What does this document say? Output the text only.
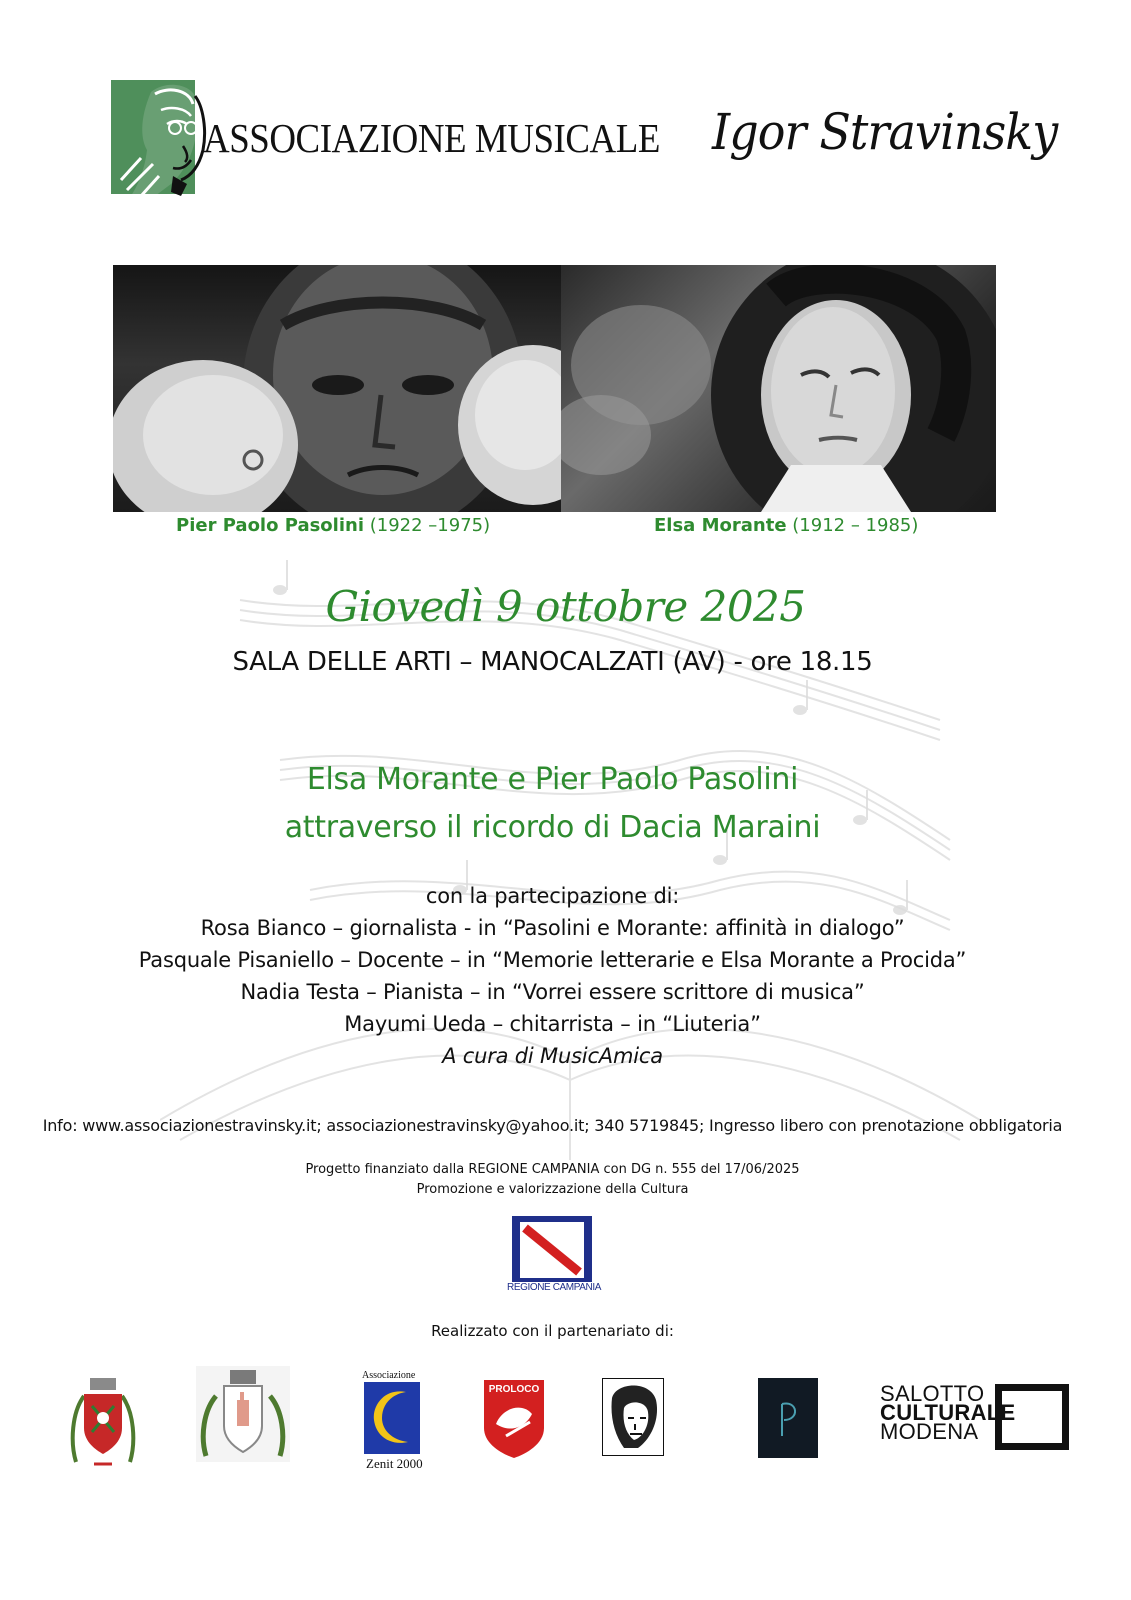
ASSOCIAZIONE MUSICALE Igor Stravinsky
Pier Paolo Pasolini (1922 –1975)	Elsa Morante (1912 – 1985)
Giovedì 9 ottobre 2025
SALA DELLE ARTI – MANOCALZATI (AV) - ore 18.15
Elsa Morante e Pier Paolo Pasolini
attraverso il ricordo di Dacia Maraini
con la partecipazione di:
Rosa Bianco – giornalista - in “Pasolini e Morante: affinità in dialogo”
Pasquale Pisaniello – Docente – in “Memorie letterarie e Elsa Morante a Procida”
Nadia Testa – Pianista – in “Vorrei essere scrittore di musica”
Mayumi Ueda – chitarrista – in “Liuteria”
A cura di MusicAmica
Info: www.associazionestravinsky.it; associazionestravinsky@yahoo.it; 340 5719845; Ingresso libero con prenotazione obbligatoria
Progetto finanziato dalla REGIONE CAMPANIA con DG n. 555 del 17/06/2025
Promozione e valorizzazione della Cultura
REGIONE CAMPANIA
Realizzato con il partenariato di:
Associazione
Zenit 2000
PROLOCO	SALOTTO
CULTURALE
MODENA
